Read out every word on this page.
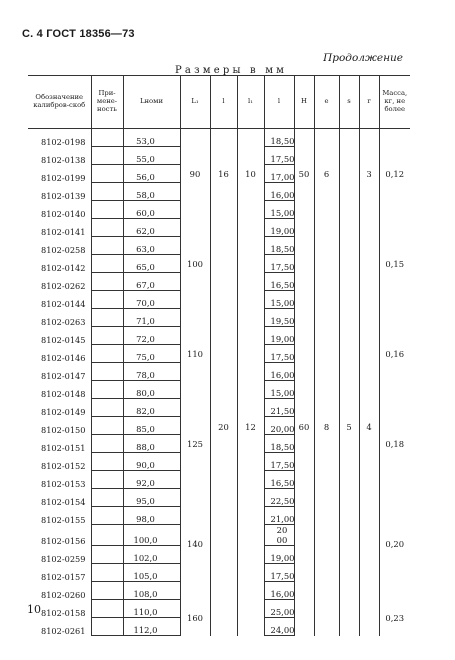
С. 4 ГОСТ 18356—73
Продолжение
Размеры в мм
Обозначение калибров-скоб	При-мене-ность	Lноми	L₁	l	l₁	l	H	e	s	r	Масса, кг, не более
8102-0198		53,0	90	16	10	18,50	50	6		3	0,12
8102-0138		55,0				17,50					
8102-0199		56,0				17,00					
8102-0139		58,0				16,00					
8102-0140		60,0				15,00					
8102-0141		62,0	100	20	12	19,00	60	8	5	4	0,15
8102-0258		63,0				18,50					
8102-0142		65,0				17,50					
8102-0262		67,0				16,50					
8102-0144		70,0				15,00					
8102-0263		71,0	110			19,50					0,16
8102-0145		72,0				19,00					
8102-0146		75,0				17,50					
8102-0147		78,0				16,00					
8102-0148		80,0				15,00					
8102-0149		82,0	125			21,50					0,18
8102-0150		85,0				20,00					
8102-0151		88,0				18,50					
8102-0152		90,0				17,50					
8102-0153		92,0				16,50					
8102-0154		95,0	140			22,50					0,20
8102-0155		98,0				21,00					
8102-0156		100,0				20 00					
8102-0259		102,0				19,00					
8102-0157		105,0				17,50					
8102-0260		108,0				16,00					
8102-0158		110,0	160			25,00					0,23
8102-0261		112,0				24,00					
10
